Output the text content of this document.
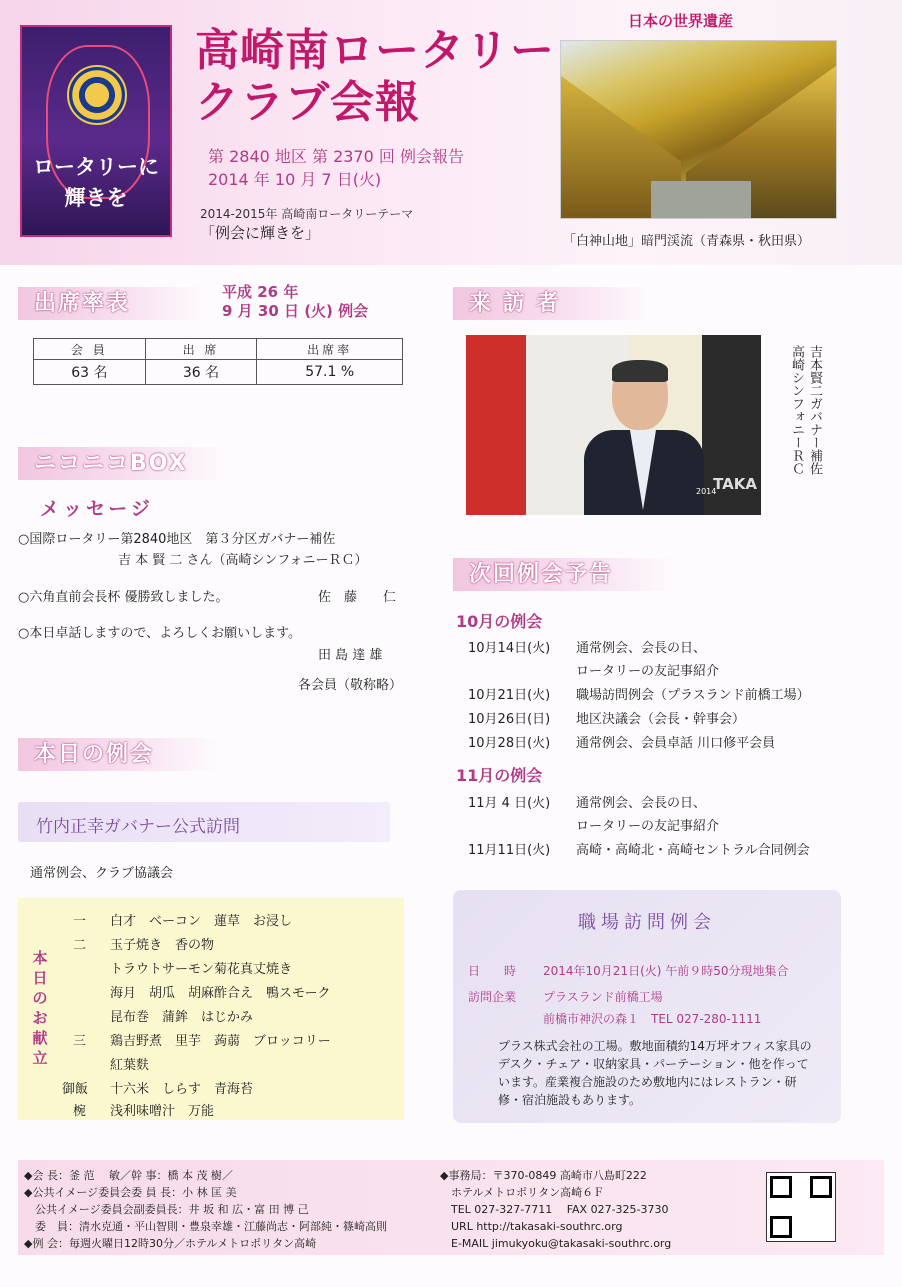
ロータリーに
輝きを
高崎南ロータリー
クラブ会報
第 2840 地区 第 2370 回 例会報告
2014 年 10 月 7 日(火)
2014-2015年 高崎南ロータリーテーマ
「例会に輝きを」
日本の世界遺産
「白神山地」暗門渓流（青森県・秋田県）
出席率表	平成 26 年
9 月 30 日 (火) 例会
会 員	出 席	出席率
63 名	36 名	57.1 %
ニコニコBOX
メッセージ
○国際ロータリー第2840地区　第３分区ガバナー補佐
吉 本 賢 二 さん（高崎シンフォニーＲＣ）
○六角直前会長杯 優勝致しました。	佐　藤　　仁
○本日卓話しますので、よろしくお願いします。
田 島 達 雄
各会員（敬称略）
本日の例会
竹内正幸ガバナー公式訪問
通常例会、クラブ協議会
本日のお献立
一 白才　ベーコン　蓮草　お浸し
二 玉子焼き　香の物
トラウトサーモン菊花真丈焼き
海月　胡瓜　胡麻酢合え　鴨スモーク
昆布巻　蒲鉾　はじかみ
三 鶏吉野煮　里芋　蒟蒻　ブロッコリー
紅葉麩
御飯 十六米　しらす　青海苔
椀 浅利味噌汁　万能
来 訪 者
TAKA
2014
高崎シンフォニーＲＣ 吉本賢二ガバナー補佐
次回例会予告
10月の例会
10月14日(火) 通常例会、会長の日、
ロータリーの友記事紹介
10月21日(火) 職場訪問例会（プラスランド前橋工場）
10月26日(日) 地区決議会（会長・幹事会）
10月28日(火) 通常例会、会員卓話 川口修平会員
11月の例会
11月 4 日(火) 通常例会、会長の日、
ロータリーの友記事紹介
11月11日(火) 高崎・高崎北・高崎セントラル合同例会
職場訪問例会
日　　時 2014年10月21日(火) 午前９時50分現地集合
訪問企業 プラスランド前橋工場
前橋市神沢の森１　TEL 027-280-1111
プラス株式会社の工場。敷地面積約14万坪オフィス家具のデスク・チェア・収納家具・パーテーション・他を作っています。産業複合施設のため敷地内にはレストラン・研修・宿泊施設もあります。
◆会 長：釜 范　 敏／幹 事：橋 本 茂 樹／
◆公共イメージ委員会委 員 長：小 林 匡 美
　公共イメージ委員会副委員長：井 坂 和 広・富 田 博 己
　委　員：清水克通・平山智則・豊泉幸雄・江藤尚志・阿部純・篠崎高則
◆例 会：毎週火曜日12時30分／ホテルメトロポリタン高崎
◆事務局：〒370-0849 高崎市八島町222
　ホテルメトロポリタン高崎６Ｆ
　TEL 027-327-7711　 FAX 027-325-3730
　URL http://takasaki-southrc.org
　E-MAIL jimukyoku@takasaki-southrc.org
